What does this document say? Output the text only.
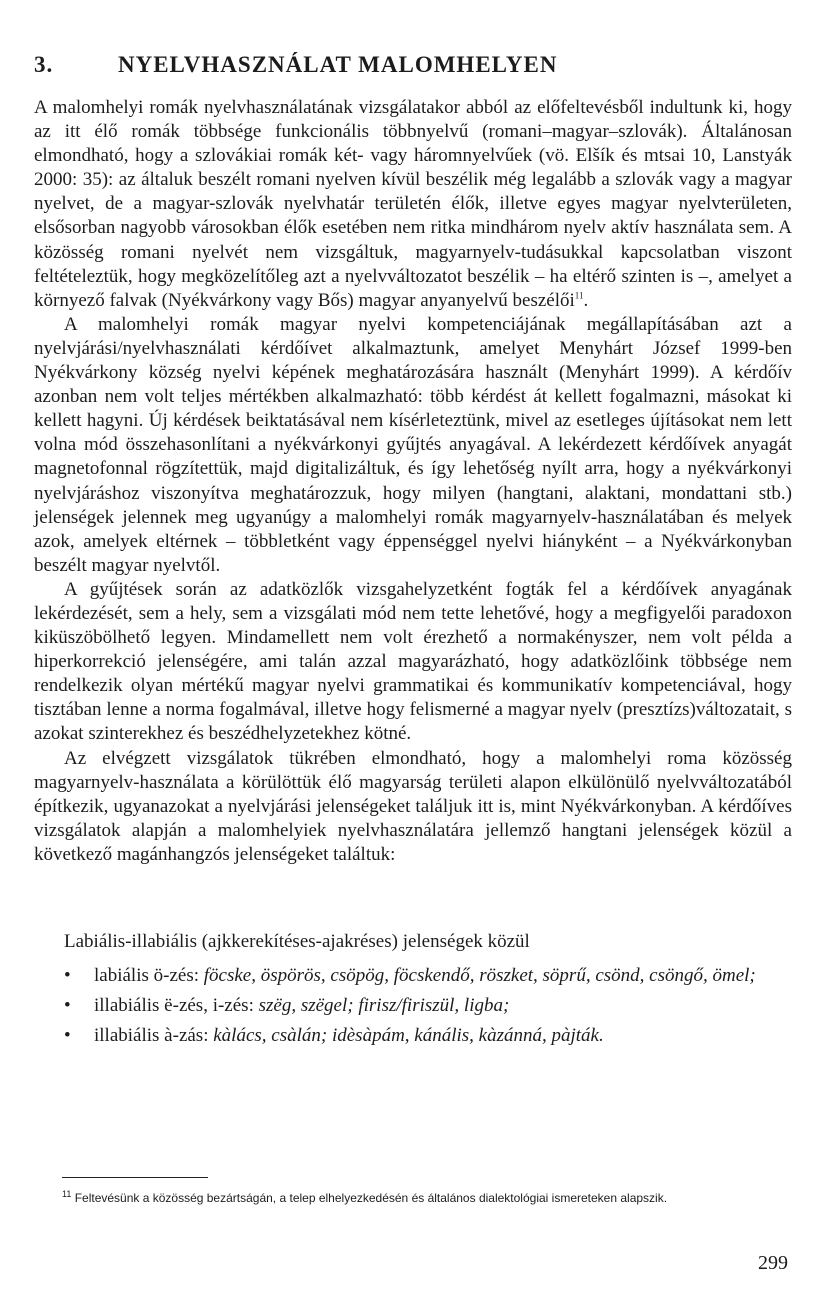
3.	NYELVHASZNÁLAT MALOMHELYEN

A malomhelyi romák nyelvhasználatának vizsgálatakor abból az előfeltevésből indultunk ki, hogy az itt élő romák többsége funkcionális többnyelvű (romani–magyar–szlovák). Általánosan elmondható, hogy a szlovákiai romák két- vagy háromnyelvűek (vö. Elšík és mtsai 10, Lanstyák 2000: 35): az általuk beszélt romani nyelven kívül beszélik még legalább a szlovák vagy a magyar nyelvet, de a magyar-szlovák nyelvhatár területén élők, illetve egyes magyar nyelvterületen, elsősorban nagyobb városokban élők esetében nem ritka mindhárom nyelv aktív használata sem. A közösség romani nyelvét nem vizsgáltuk, magyarnyelv-tudásukkal kapcsolatban viszont feltételeztük, hogy megközelítőleg azt a nyelvváltozatot beszélik – ha eltérő szinten is –, amelyet a környező falvak (Nyékvárkony vagy Bős) magyar anyanyelvű beszélői$^{11}$.

A malomhelyi romák magyar nyelvi kompetenciájának megállapításában azt a nyelvjárási/nyelvhasználati kérdőívet alkalmaztunk, amelyet Menyhárt József 1999-ben Nyékvárkony község nyelvi képének meghatározására használt (Menyhárt 1999). A kérdőív azonban nem volt teljes mértékben alkalmazható: több kérdést át kellett fogalmazni, másokat ki kellett hagyni. Új kérdések beiktatásával nem kísérleteztünk, mivel az esetleges újításokat nem lett volna mód összehasonlítani a nyékvárkonyi gyűjtés anyagával. A lekérdezett kérdőívek anyagát magnetofonnal rögzítettük, majd digitalizáltuk, és így lehetőség nyílt arra, hogy a nyékvárkonyi nyelvjáráshoz viszonyítva meghatározzuk, hogy milyen (hangtani, alaktani, mondattani stb.) jelenségek jelennek meg ugyanúgy a malomhelyi romák magyarnyelv-használatában és melyek azok, amelyek eltérnek – többletként vagy éppenséggel nyelvi hiányként – a Nyékvárkonyban beszélt magyar nyelvtől.

A gyűjtések során az adatközlők vizsgahelyzetként fogták fel a kérdőívek anyagának lekérdezését, sem a hely, sem a vizsgálati mód nem tette lehetővé, hogy a megfigyelői paradoxon kiküszöbölhető legyen. Mindamellett nem volt érezhető a normakényszer, nem volt példa a hiperkorrekció jelenségére, ami talán azzal magyarázható, hogy adatközlőink többsége nem rendelkezik olyan mértékű magyar nyelvi grammatikai és kommunikatív kompetenciával, hogy tisztában lenne a norma fogalmával, illetve hogy felismerné a magyar nyelv (presztízs)változatait, s azokat szinterekhez és beszédhelyzetekhez kötné.

Az elvégzett vizsgálatok tükrében elmondható, hogy a malomhelyi roma közösség magyarnyelv-használata a körülöttük élő magyarság területi alapon elkülönülő nyelvváltozatából építkezik, ugyanazokat a nyelvjárási jelenségeket találjuk itt is, mint Nyékvárkonyban. A kérdőíves vizsgálatok alapján a malomhelyiek nyelvhasználatára jellemző hangtani jelenségek közül a következő magánhangzós jelenségeket találtuk:

Labiális-illabiális (ajkkerekítéses-ajakréses) jelenségek közül
• labiális ö-zés: föcske, öspörös, csöpög, föcskendő, röszket, söprű, csönd, csöngő, ömel;
• illabiális ë-zés, i-zés: szëg, szëgel; firisz/firiszül, ligba;
• illabiális à-zás: kàlács, csàlán; idèsàpám, kánális, kàzánná, pàjták.
$^{11}$ Feltevésünk a közösség bezártságán, a telep elhelyezkedésén és általános dialektológiai ismereteken alapszik.
299
